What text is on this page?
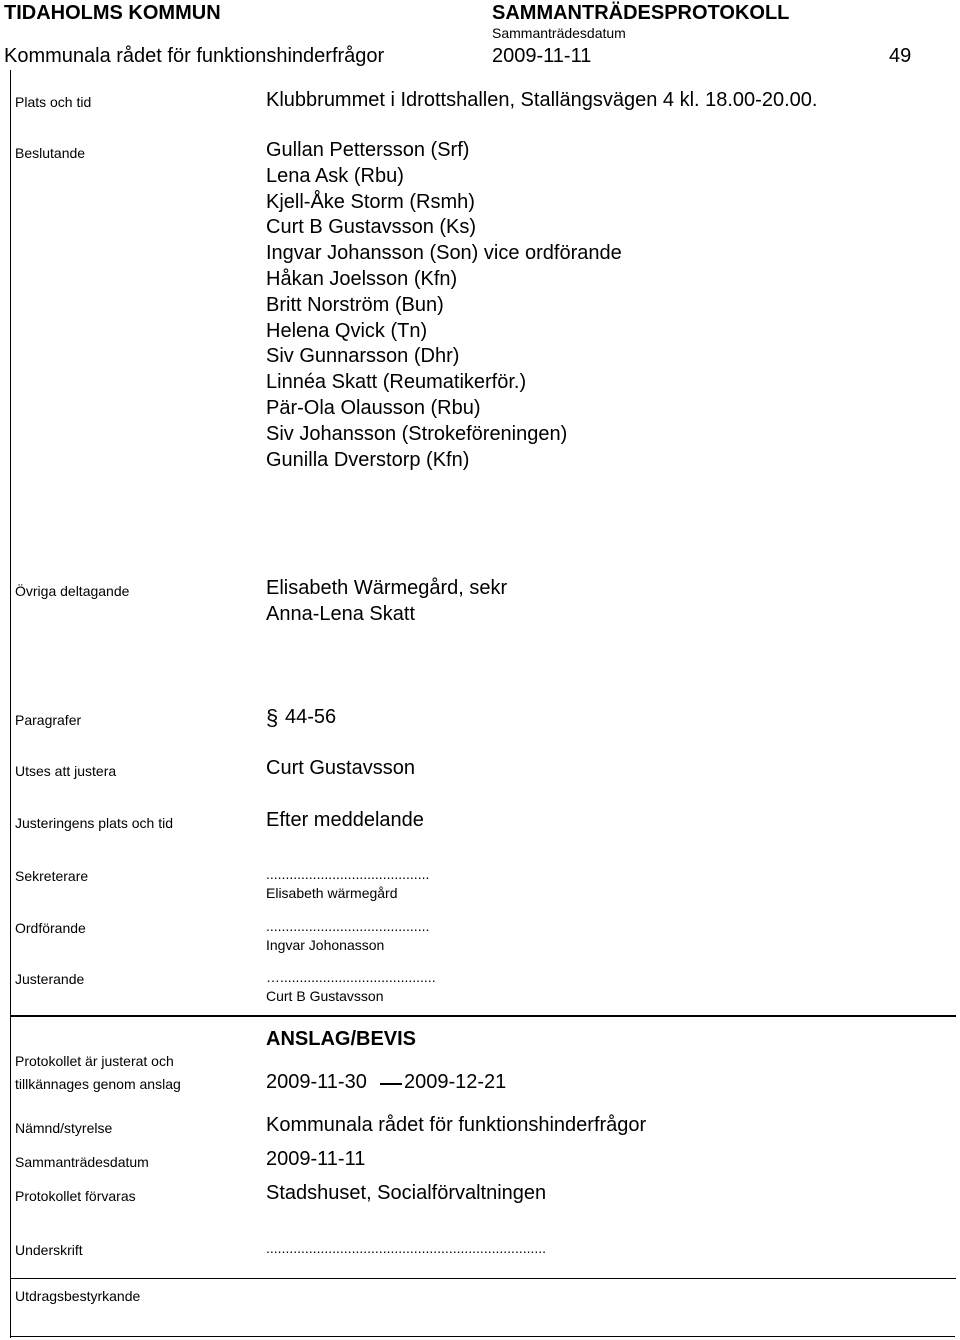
TIDAHOLMS KOMMUN	SAMMANTRÄDESPROTOKOLL
Sammanträdesdatum
Kommunala rådet för funktionshinderfrågor	2009-11-11	49
Plats och tid	Klubbrummet i Idrottshallen, Stallängsvägen 4 kl. 18.00-20.00.
Beslutande	Gullan Pettersson (Srf)
Lena Ask (Rbu)
Kjell-Åke Storm (Rsmh)
Curt B Gustavsson (Ks)
Ingvar Johansson (Son) vice ordförande
Håkan Joelsson (Kfn)
Britt Norström (Bun)
Helena Qvick (Tn)
Siv Gunnarsson (Dhr)
Linnéa Skatt (Reumatikerför.)
Pär-Ola Olausson (Rbu)
Siv Johansson (Strokeföreningen)
Gunilla Dverstorp (Kfn)
Övriga deltagande	Elisabeth Wärmegård, sekr
Anna-Lena Skatt
Paragrafer	§ 44-56
Utses att justera	Curt Gustavsson
Justeringens plats och tid	Efter meddelande
Sekreterare	..........................................
Elisabeth wärmegård
Ordförande	..........................................
Ingvar Johonasson
Justerande	…........................................
Curt B Gustavsson
ANSLAG/BEVIS
Protokollet är justerat och
tillkännages genom anslag	2009-11-30 2009-12-21
Nämnd/styrelse	Kommunala rådet för funktionshinderfrågor
Sammanträdesdatum	2009-11-11
Protokollet förvaras	Stadshuset, Socialförvaltningen
Underskrift	........................................................................
Utdragsbestyrkande
